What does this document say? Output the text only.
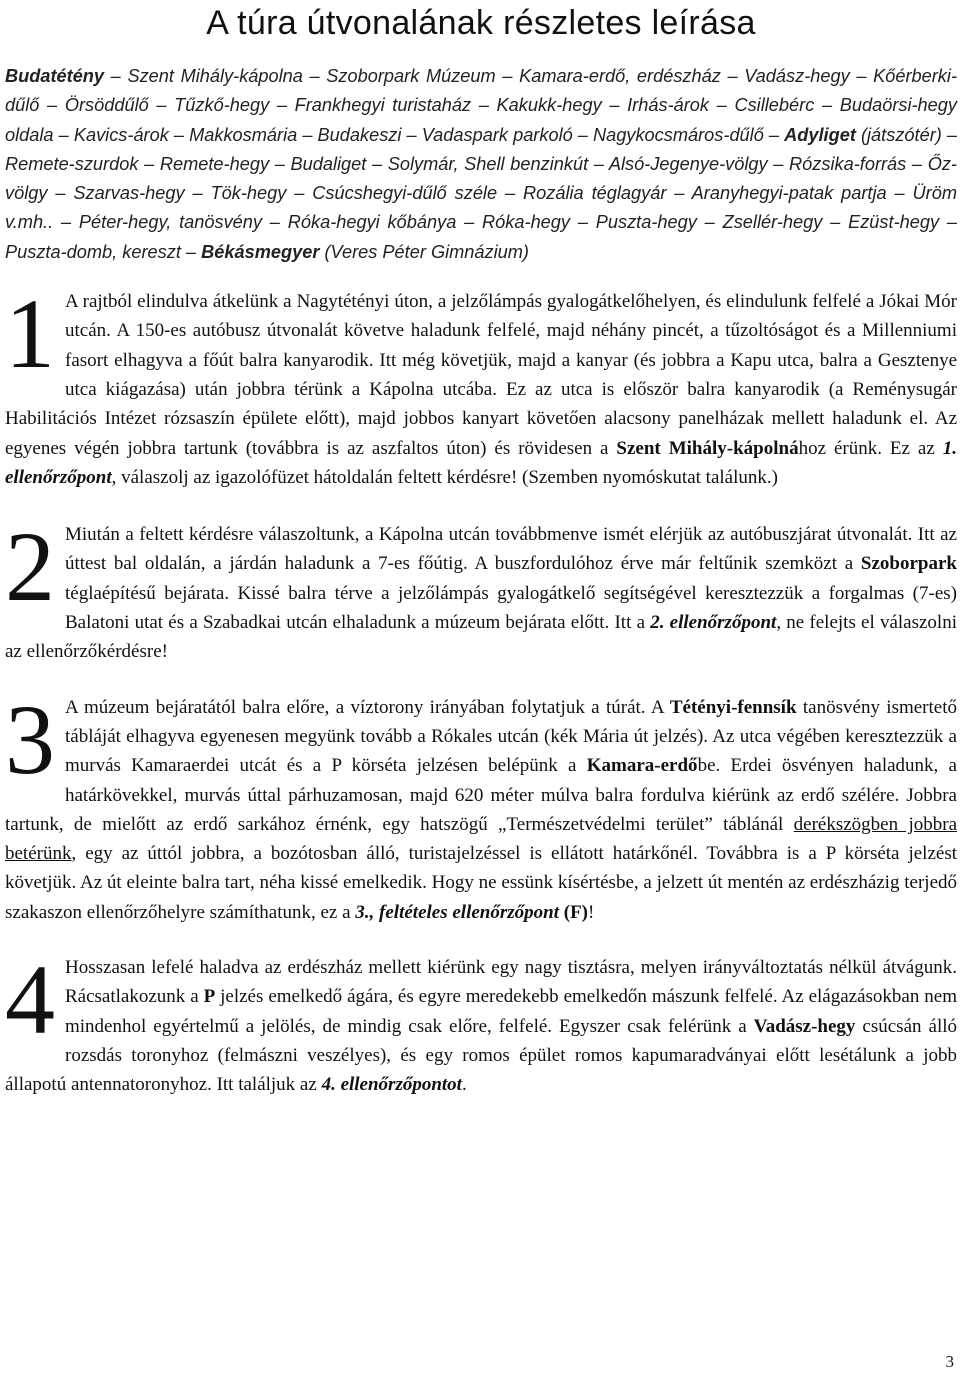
A túra útvonalának részletes leírása

Budatétény – Szent Mihály-kápolna – Szoborpark Múzeum – Kamara-erdő, erdészház – Vadász-hegy – Kőérberki-dűlő – Örsöddűlő – Tűzkő-hegy – Frankhegyi turistaház – Kakukk-hegy – Irhás-árok – Csillebérc – Budaörsi-hegy oldala – Kavics-árok – Makkosmária – Budakeszi – Vadaspark parkoló – Nagykocsmáros-dűlő – Adyliget (játszótér) – Remete-szurdok – Remete-hegy – Budaliget – Solymár, Shell benzinkút – Alsó-Jegenye-völgy – Rózsika-forrás – Őz-völgy – Szarvas-hegy – Tök-hegy – Csúcshegyi-dűlő széle – Rozália téglagyár – Aranyhegyi-patak partja – Üröm v.mh.. – Péter-hegy, tanösvény – Róka-hegyi kőbánya – Róka-hegy – Puszta-hegy – Zsellér-hegy – Ezüst-hegy – Puszta-domb, kereszt – Békásmegyer (Veres Péter Gimnázium)

1 A rajtból elindulva átkelünk a Nagytétényi úton, a jelzőlámpás gyalogátkelőhelyen, és elindulunk felfelé a Jókai Mór utcán. A 150-es autóbusz útvonalát követve haladunk felfelé, majd néhány pincét, a tűzoltóságot és a Millenniumi fasort elhagyva a főút balra kanyarodik. Itt még követjük, majd a kanyar (és jobbra a Kapu utca, balra a Gesztenye utca kiágazása) után jobbra térünk a Kápolna utcába. Ez az utca is először balra kanyarodik (a Reménysugár Habilitációs Intézet rózsaszín épülete előtt), majd jobbos kanyart követően alacsony panelházak mellett haladunk el. Az egyenes végén jobbra tartunk (továbbra is az aszfaltos úton) és rövidesen a Szent Mihály-kápolnához érünk. Ez az 1. ellenőrzőpont, válaszolj az igazolófüzet hátoldalán feltett kérdésre! (Szemben nyomóskutat találunk.)
2 Miután a feltett kérdésre válaszoltunk, a Kápolna utcán továbbmenve ismét elérjük az autóbuszjárat útvonalát. Itt az úttest bal oldalán, a járdán haladunk a 7-es főútig. A buszfordulóhoz érve már feltűnik szemközt a Szoborpark téglaépítésű bejárata. Kissé balra térve a jelzőlámpás gyalogátkelő segítségével keresztezzük a forgalmas (7-es) Balatoni utat és a Szabadkai utcán elhaladunk a múzeum bejárata előtt. Itt a 2. ellenőrzőpont, ne felejts el válaszolni az ellenőrzőkérdésre!
3 A múzeum bejáratától balra előre, a víztorony irányában folytatjuk a túrát. A Tétényi-fennsík tanösvény ismertető tábláját elhagyva egyenesen megyünk tovább a Rókales utcán (kék Mária út jelzés). Az utca végében keresztezzük a murvás Kamaraerdei utcát és a P körséta jelzésen belépünk a Kamara-erdőbe. Erdei ösvényen haladunk, a határkövekkel, murvás úttal párhuzamosan, majd 620 méter múlva balra fordulva kiérünk az erdő szélére. Jobbra tartunk, de mielőtt az erdő sarkához érnénk, egy hatszögű „Természetvédelmi terület” táblánál derékszögben jobbra betérünk, egy az úttól jobbra, a bozótosban álló, turistajelzéssel is ellátott határkőnél. Továbbra is a P körséta jelzést követjük. Az út eleinte balra tart, néha kissé emelkedik. Hogy ne essünk kísértésbe, a jelzett út mentén az erdészházig terjedő szakaszon ellenőrzőhelyre számíthatunk, ez a 3., feltételes ellenőrzőpont (F)!
4 Hosszasan lefelé haladva az erdészház mellett kiérünk egy nagy tisztásra, melyen irányváltoztatás nélkül átvágunk. Rácsatlakozunk a P jelzés emelkedő ágára, és egyre meredekebb emelkedőn mászunk felfelé. Az elágazásokban nem mindenhol egyértelmű a jelölés, de mindig csak előre, felfelé. Egyszer csak felérünk a Vadász-hegy csúcsán álló rozsdás toronyhoz (felmászni veszélyes), és egy romos épület romos kapumaradványai előtt lesétálunk a jobb állapotú antennatoronyhoz. Itt találjuk az 4. ellenőrzőpontot.
3
